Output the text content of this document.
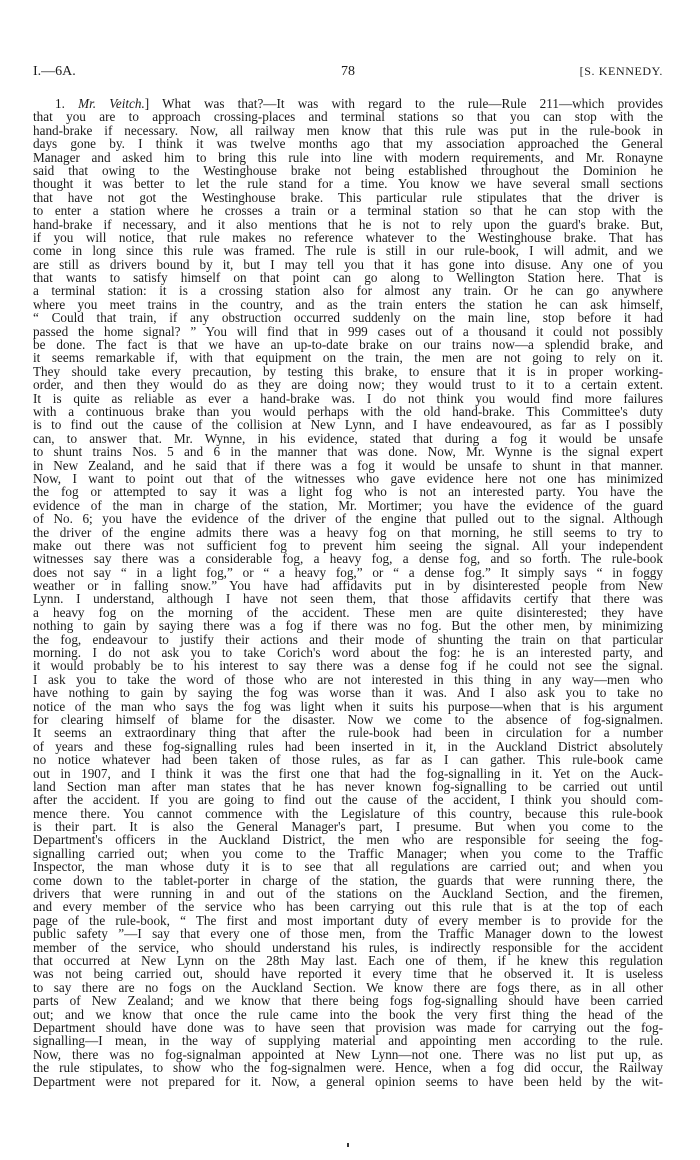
I.—6A.	78	[S. KENNEDY.
1. Mr. Veitch.] What was that?—It was with regard to the rule—Rule 211—which provides
that you are to approach crossing-places and terminal stations so that you can stop with the
hand-brake if necessary. Now, all railway men know that this rule was put in the rule-book in
days gone by. I think it was twelve months ago that my association approached the General
Manager and asked him to bring this rule into line with modern requirements, and Mr. Ronayne
said that owing to the Westinghouse brake not being established throughout the Dominion he
thought it was better to let the rule stand for a time. You know we have several small sections
that have not got the Westinghouse brake. This particular rule stipulates that the driver is
to enter a station where he crosses a train or a terminal station so that he can stop with the
hand-brake if necessary, and it also mentions that he is not to rely upon the guard's brake. But,
if you will notice, that rule makes no reference whatever to the Westinghouse brake. That has
come in long since this rule was framed. The rule is still in our rule-book, I will admit, and we
are still as drivers bound by it, but I may tell you that it has gone into disuse. Any one of you
that wants to satisfy himself on that point can go along to Wellington Station here. That is
a terminal station: it is a crossing station also for almost any train. Or he can go anywhere
where you meet trains in the country, and as the train enters the station he can ask himself,
“ Could that train, if any obstruction occurred suddenly on the main line, stop before it had
passed the home signal? ” You will find that in 999 cases out of a thousand it could not possibly
be done. The fact is that we have an up-to-date brake on our trains now—a splendid brake, and
it seems remarkable if, with that equipment on the train, the men are not going to rely on it.
They should take every precaution, by testing this brake, to ensure that it is in proper working-
order, and then they would do as they are doing now; they would trust to it to a certain extent.
It is quite as reliable as ever a hand-brake was. I do not think you would find more failures
with a continuous brake than you would perhaps with the old hand-brake. This Committee's duty
is to find out the cause of the collision at New Lynn, and I have endeavoured, as far as I possibly
can, to answer that. Mr. Wynne, in his evidence, stated that during a fog it would be unsafe
to shunt trains Nos. 5 and 6 in the manner that was done. Now, Mr. Wynne is the signal expert
in New Zealand, and he said that if there was a fog it would be unsafe to shunt in that manner.
Now, I want to point out that of the witnesses who gave evidence here not one has minimized
the fog or attempted to say it was a light fog who is not an interested party. You have the
evidence of the man in charge of the station, Mr. Mortimer; you have the evidence of the guard
of No. 6; you have the evidence of the driver of the engine that pulled out to the signal. Although
the driver of the engine admits there was a heavy fog on that morning, he still seems to try to
make out there was not sufficient fog to prevent him seeing the signal. All your independent
witnesses say there was a considerable fog, a heavy fog, a dense fog, and so forth. The rule-book
does not say “ in a light fog,” or “ a heavy fog,” or “ a dense fog.” It simply says “ in foggy
weather or in falling snow.” You have had affidavits put in by disinterested people from New
Lynn. I understand, although I have not seen them, that those affidavits certify that there was
a heavy fog on the morning of the accident. These men are quite disinterested; they have
nothing to gain by saying there was a fog if there was no fog. But the other men, by minimizing
the fog, endeavour to justify their actions and their mode of shunting the train on that particular
morning. I do not ask you to take Corich's word about the fog: he is an interested party, and
it would probably be to his interest to say there was a dense fog if he could not see the signal.
I ask you to take the word of those who are not interested in this thing in any way—men who
have nothing to gain by saying the fog was worse than it was. And I also ask you to take no
notice of the man who says the fog was light when it suits his purpose—when that is his argument
for clearing himself of blame for the disaster. Now we come to the absence of fog-signalmen.
It seems an extraordinary thing that after the rule-book had been in circulation for a number
of years and these fog-signalling rules had been inserted in it, in the Auckland District absolutely
no notice whatever had been taken of those rules, as far as I can gather. This rule-book came
out in 1907, and I think it was the first one that had the fog-signalling in it. Yet on the Auck-
land Section man after man states that he has never known fog-signalling to be carried out until
after the accident. If you are going to find out the cause of the accident, I think you should com-
mence there. You cannot commence with the Legislature of this country, because this rule-book
is their part. It is also the General Manager's part, I presume. But when you come to the
Department's officers in the Auckland District, the men who are responsible for seeing the fog-
signalling carried out; when you come to the Traffic Manager; when you come to the Traffic
Inspector, the man whose duty it is to see that all regulations are carried out; and when you
come down to the tablet-porter in charge of the station, the guards that were running there, the
drivers that were running in and out of the stations on the Auckland Section, and the firemen,
and every member of the service who has been carrying out this rule that is at the top of each
page of the rule-book, “ The first and most important duty of every member is to provide for the
public safety ”—I say that every one of those men, from the Traffic Manager down to the lowest
member of the service, who should understand his rules, is indirectly responsible for the accident
that occurred at New Lynn on the 28th May last. Each one of them, if he knew this regulation
was not being carried out, should have reported it every time that he observed it. It is useless
to say there are no fogs on the Auckland Section. We know there are fogs there, as in all other
parts of New Zealand; and we know that there being fogs fog-signalling should have been carried
out; and we know that once the rule came into the book the very first thing the head of the
Department should have done was to have seen that provision was made for carrying out the fog-
signalling—I mean, in the way of supplying material and appointing men according to the rule.
Now, there was no fog-signalman appointed at New Lynn—not one. There was no list put up, as
the rule stipulates, to show who the fog-signalmen were. Hence, when a fog did occur, the Railway
Department were not prepared for it. Now, a general opinion seems to have been held by the wit-
